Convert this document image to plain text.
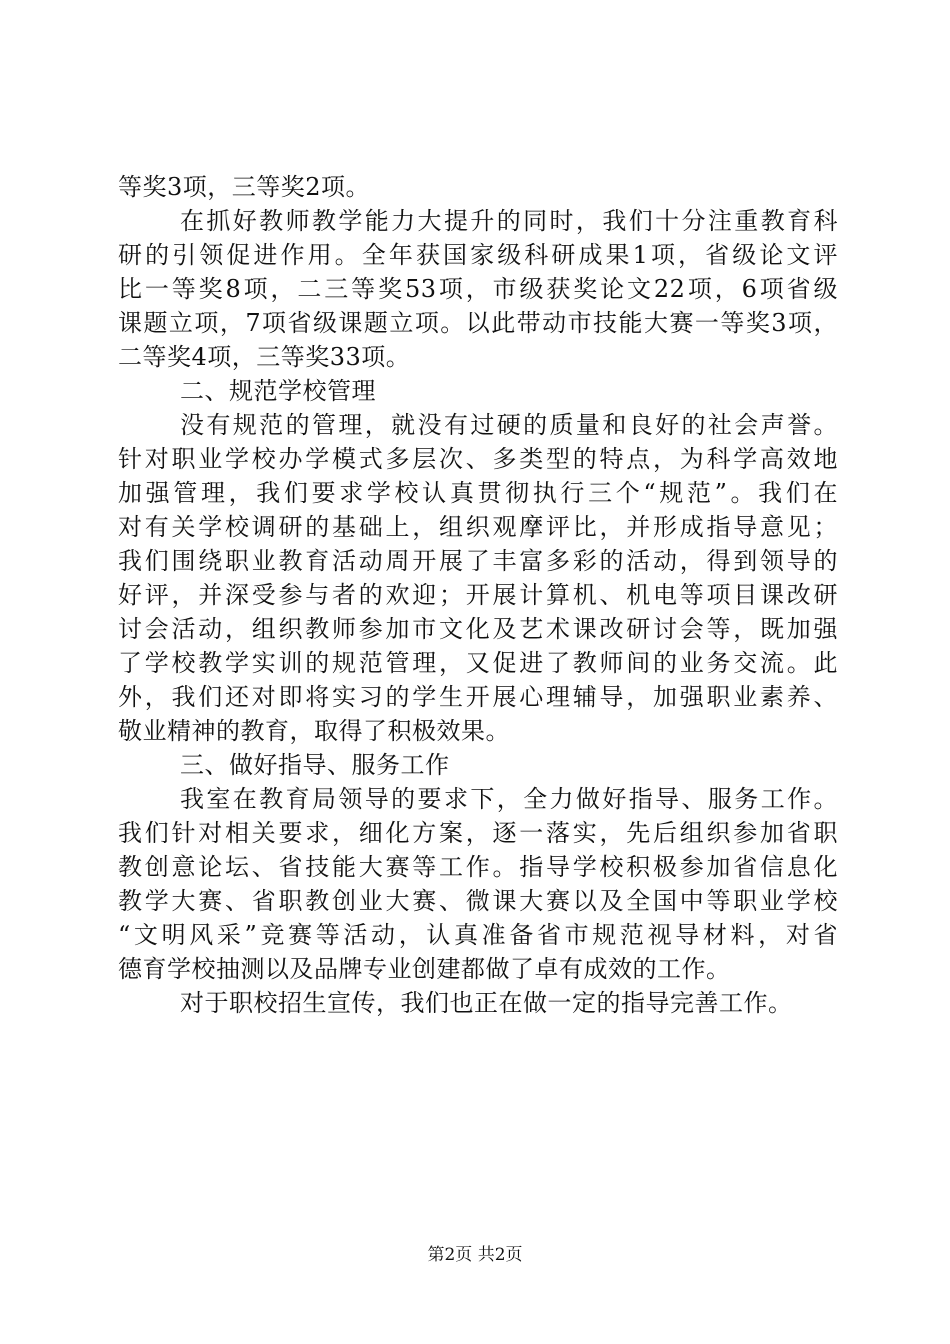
等奖3项，三等奖2项。
在抓好教师教学能力大提升的同时，我们十分注重教育科
研的引领促进作用。全年获国家级科研成果1项，省级论文评
比一等奖8项，二三等奖53项，市级获奖论文22项，6项省级
课题立项，7项省级课题立项。以此带动市技能大赛一等奖3项，
二等奖4项，三等奖33项。
二、规范学校管理
没有规范的管理，就没有过硬的质量和良好的社会声誉。
针对职业学校办学模式多层次、多类型的特点，为科学高效地
加强管理，我们要求学校认真贯彻执行三个“规范”。我们在
对有关学校调研的基础上，组织观摩评比，并形成指导意见；
我们围绕职业教育活动周开展了丰富多彩的活动，得到领导的
好评，并深受参与者的欢迎；开展计算机、机电等项目课改研
讨会活动，组织教师参加市文化及艺术课改研讨会等，既加强
了学校教学实训的规范管理，又促进了教师间的业务交流。此
外，我们还对即将实习的学生开展心理辅导，加强职业素养、
敬业精神的教育，取得了积极效果。
三、做好指导、服务工作
我室在教育局领导的要求下，全力做好指导、服务工作。
我们针对相关要求，细化方案，逐一落实，先后组织参加省职
教创意论坛、省技能大赛等工作。指导学校积极参加省信息化
教学大赛、省职教创业大赛、微课大赛以及全国中等职业学校
“文明风采”竞赛等活动，认真准备省市规范视导材料，对省
德育学校抽测以及品牌专业创建都做了卓有成效的工作。
对于职校招生宣传，我们也正在做一定的指导完善工作。
第2页 共2页
